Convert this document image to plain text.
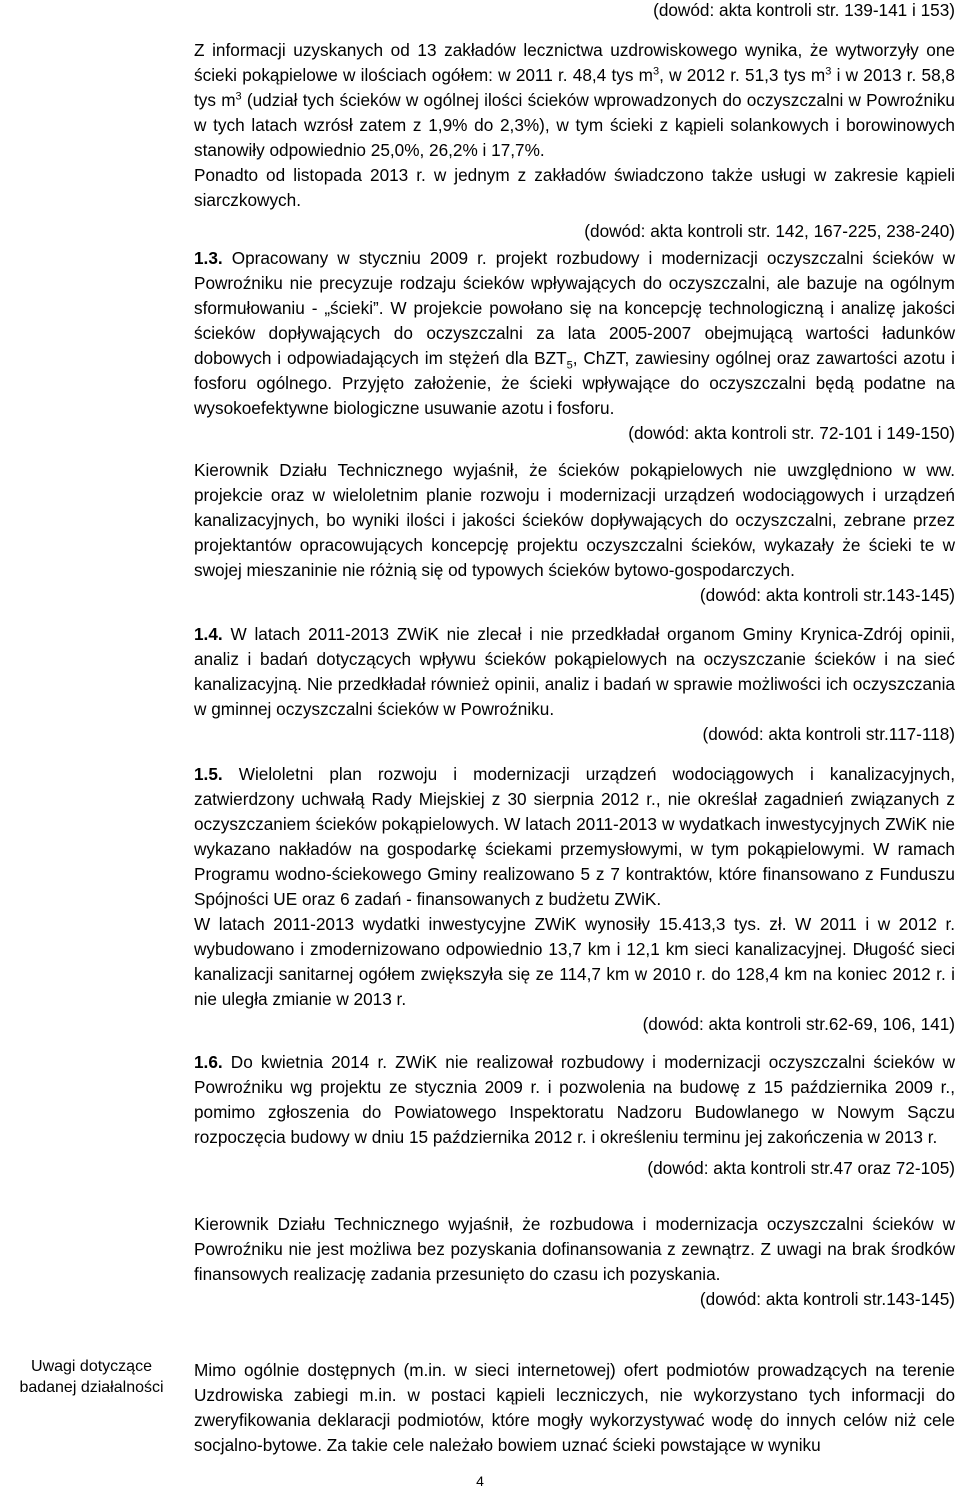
(dowód: akta kontroli str. 139-141 i 153)

Z informacji uzyskanych od 13 zakładów lecznictwa uzdrowiskowego wynika, że wytworzyły one ścieki pokąpielowe w ilościach ogółem: w 2011 r. 48,4 tys $m^3$, w 2012 r. 51,3 tys $m^3$ i w 2013 r. 58,8 tys $m^3$ (udział tych ścieków w ogólnej ilości ścieków wprowadzonych do oczyszczalni w Powroźniku w tych latach wzrósł zatem z 1,9% do 2,3%), w tym ścieki z kąpieli solankowych i borowinowych stanowiły odpowiednio 25,0%, 26,2% i 17,7%.

Ponadto od listopada 2013 r. w jednym z zakładów świadczono także usługi w zakresie kąpieli siarczkowych.

(dowód: akta kontroli str. 142, 167-225, 238-240)

1.3. Opracowany w styczniu 2009 r. projekt rozbudowy i modernizacji oczyszczalni ścieków w Powroźniku nie precyzuje rodzaju ścieków wpływających do oczyszczalni, ale bazuje na ogólnym sformułowaniu - „ścieki”. W projekcie powołano się na koncepcję technologiczną i analizę jakości ścieków dopływających do oczyszczalni za lata 2005-2007 obejmującą wartości ładunków dobowych i odpowiadających im stężeń dla $BZT_5$, ChZT, zawiesiny ogólnej oraz zawartości azotu i fosforu ogólnego. Przyjęto założenie, że ścieki wpływające do oczyszczalni będą podatne na wysokoefektywne biologiczne usuwanie azotu i fosforu.

(dowód: akta kontroli str. 72-101 i 149-150)

Kierownik Działu Technicznego wyjaśnił, że ścieków pokąpielowych nie uwzględniono w ww. projekcie oraz w wieloletnim planie rozwoju i modernizacji urządzeń wodociągowych i urządzeń kanalizacyjnych, bo wyniki ilości i jakości ścieków dopływających do oczyszczalni, zebrane przez projektantów opracowujących koncepcję projektu oczyszczalni ścieków, wykazały że ścieki te w swojej mieszaninie nie różnią się od typowych ścieków bytowo-gospodarczych.

(dowód: akta kontroli str.143-145)

1.4. W latach 2011-2013 ZWiK nie zlecał i nie przedkładał organom Gminy Krynica-Zdrój opinii, analiz i badań dotyczących wpływu ścieków pokąpielowych na oczyszczanie ścieków i na sieć kanalizacyjną. Nie przedkładał również opinii, analiz i badań w sprawie możliwości ich oczyszczania w gminnej oczyszczalni ścieków w Powroźniku.

(dowód: akta kontroli str.117-118)

1.5. Wieloletni plan rozwoju i modernizacji urządzeń wodociągowych i kanalizacyjnych, zatwierdzony uchwałą Rady Miejskiej z 30 sierpnia 2012 r., nie określał zagadnień związanych z oczyszczaniem ścieków pokąpielowych. W latach 2011-2013 w wydatkach inwestycyjnych ZWiK nie wykazano nakładów na gospodarkę ściekami przemysłowymi, w tym pokąpielowymi. W ramach Programu wodno-ściekowego Gminy realizowano 5 z 7 kontraktów, które finansowano z Funduszu Spójności UE oraz 6 zadań - finansowanych z budżetu ZWiK.

W latach 2011-2013 wydatki inwestycyjne ZWiK wynosiły 15.413,3 tys. zł. W 2011 i w 2012 r. wybudowano i zmodernizowano odpowiednio 13,7 km i 12,1 km sieci kanalizacyjnej. Długość sieci kanalizacji sanitarnej ogółem zwiększyła się ze 114,7 km w 2010 r. do 128,4 km na koniec 2012 r. i nie uległa zmianie w 2013 r.

(dowód: akta kontroli str.62-69, 106, 141)

1.6. Do kwietnia 2014 r. ZWiK nie realizował rozbudowy i modernizacji oczyszczalni ścieków w Powroźniku wg projektu ze stycznia 2009 r. i pozwolenia na budowę z 15 października 2009 r., pomimo zgłoszenia do Powiatowego Inspektoratu Nadzoru Budowlanego w Nowym Sączu rozpoczęcia budowy w dniu 15 października 2012 r. i określeniu terminu jej zakończenia w 2013 r.

(dowód: akta kontroli str.47 oraz 72-105)

Kierownik Działu Technicznego wyjaśnił, że rozbudowa i modernizacja oczyszczalni ścieków w Powroźniku nie jest możliwa bez pozyskania dofinansowania z zewnątrz. Z uwagi na brak środków finansowych realizację zadania przesunięto do czasu ich pozyskania.

(dowód: akta kontroli str.143-145)

Uwagi dotyczące
badanej działalności

Mimo ogólnie dostępnych (m.in. w sieci internetowej) ofert podmiotów prowadzących na terenie Uzdrowiska zabiegi m.in. w postaci kąpieli leczniczych, nie wykorzystano tych informacji do zweryfikowania deklaracji podmiotów, które mogły wykorzystywać wodę do innych celów niż cele socjalno-bytowe. Za takie cele należało bowiem uznać ścieki powstające w wyniku

4
